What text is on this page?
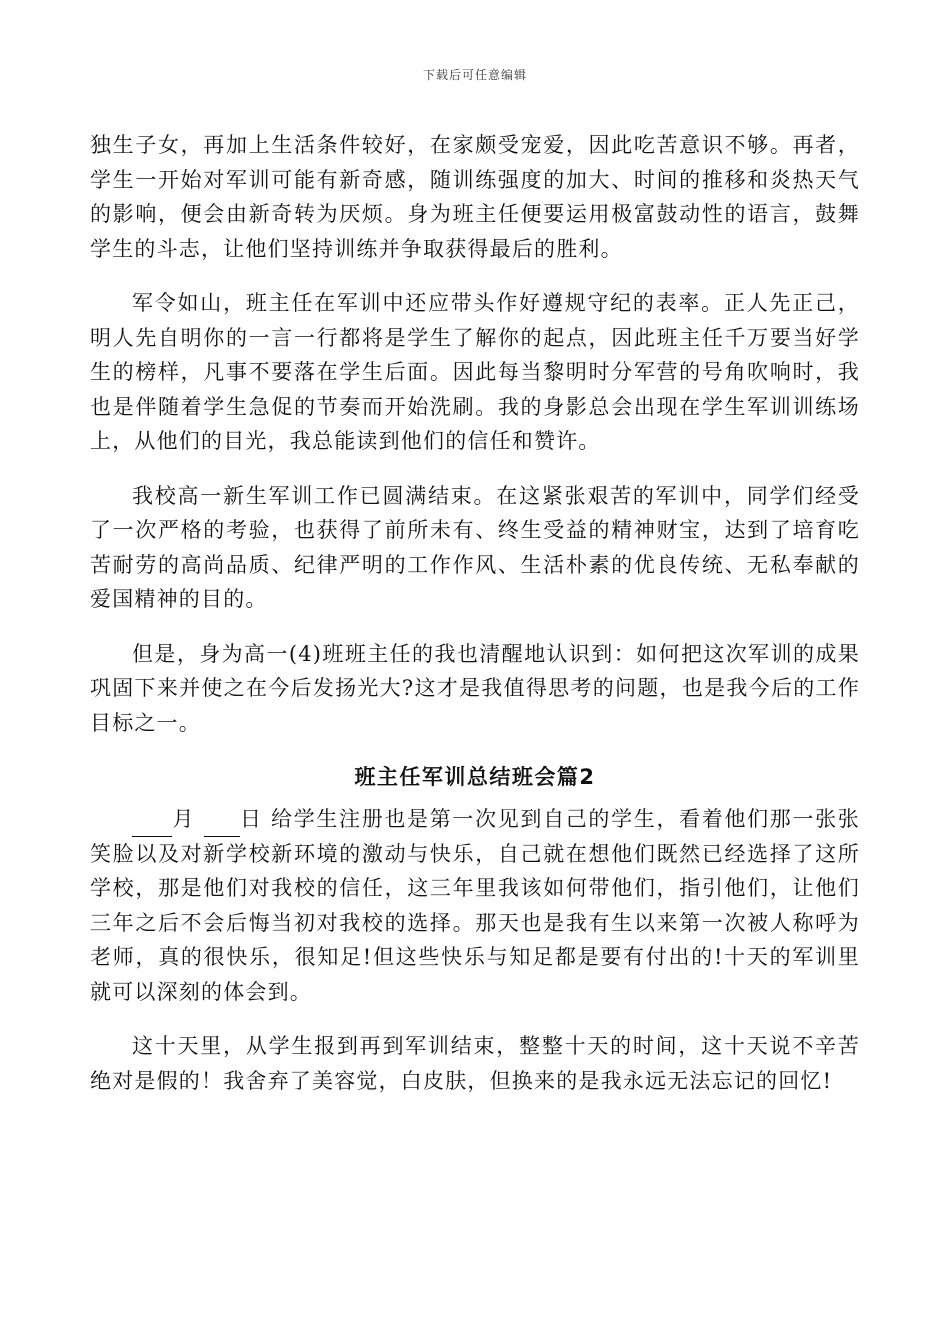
下载后可任意编辑

独生子女，再加上生活条件较好，在家颇受宠爱，因此吃苦意识不够。再者，学生一开始对军训可能有新奇感，随训练强度的加大、时间的推移和炎热天气的影响，便会由新奇转为厌烦。身为班主任便要运用极富鼓动性的语言，鼓舞学生的斗志，让他们坚持训练并争取获得最后的胜利。

军令如山，班主任在军训中还应带头作好遵规守纪的表率。正人先正己，明人先自明你的一言一行都将是学生了解你的起点，因此班主任千万要当好学生的榜样，凡事不要落在学生后面。因此每当黎明时分军营的号角吹响时，我也是伴随着学生急促的节奏而开始洗刷。我的身影总会出现在学生军训训练场上，从他们的目光，我总能读到他们的信任和赞许。

我校高一新生军训工作已圆满结束。在这紧张艰苦的军训中，同学们经受了一次严格的考验，也获得了前所未有、终生受益的精神财宝，达到了培育吃苦耐劳的高尚品质、纪律严明的工作作风、生活朴素的优良传统、无私奉献的爱国精神的目的。

但是，身为高一(4)班班主任的我也清醒地认识到：如何把这次军训的成果巩固下来并使之在今后发扬光大?这才是我值得思考的问题，也是我今后的工作目标之一。

班主任军训总结班会篇2

月 日 给学生注册也是第一次见到自己的学生，看着他们那一张张笑脸以及对新学校新环境的激动与快乐，自己就在想他们既然已经选择了这所学校，那是他们对我校的信任，这三年里我该如何带他们，指引他们，让他们三年之后不会后悔当初对我校的选择。那天也是我有生以来第一次被人称呼为老师，真的很快乐，很知足!但这些快乐与知足都是要有付出的!十天的军训里就可以深刻的体会到。

这十天里，从学生报到再到军训结束，整整十天的时间，这十天说不辛苦绝对是假的！我舍弃了美容觉，白皮肤，但换来的是我永远无法忘记的回忆!
